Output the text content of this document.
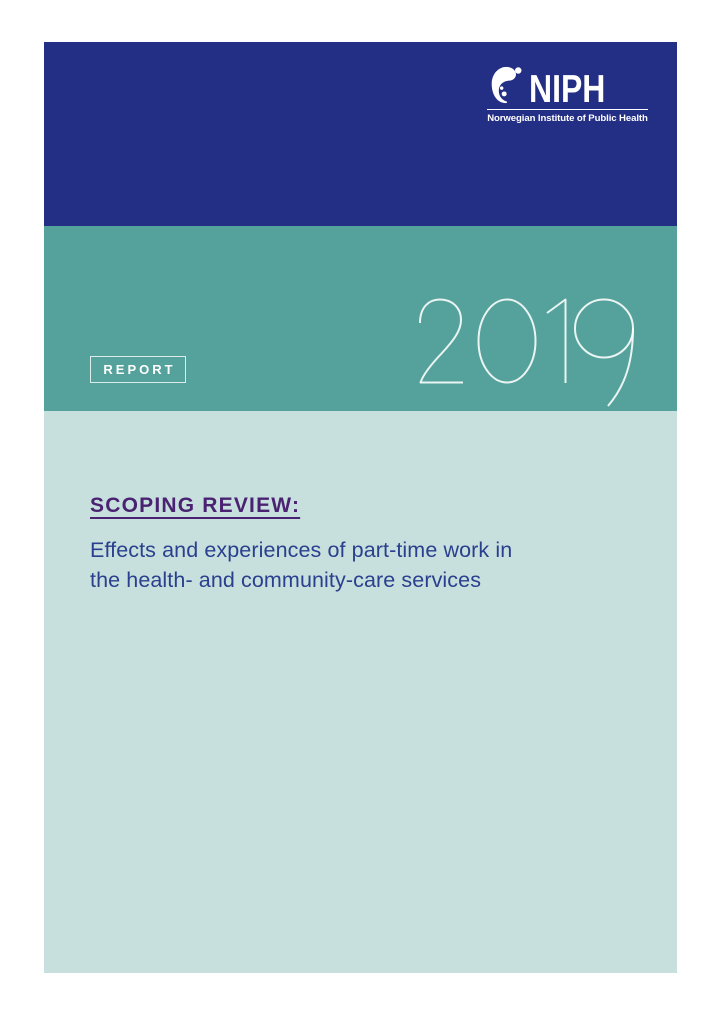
NIPH
Norwegian Institute of Public Health
REPORT
SCOPING REVIEW:

Effects and experiences of part-time work in
the health- and community-care services
